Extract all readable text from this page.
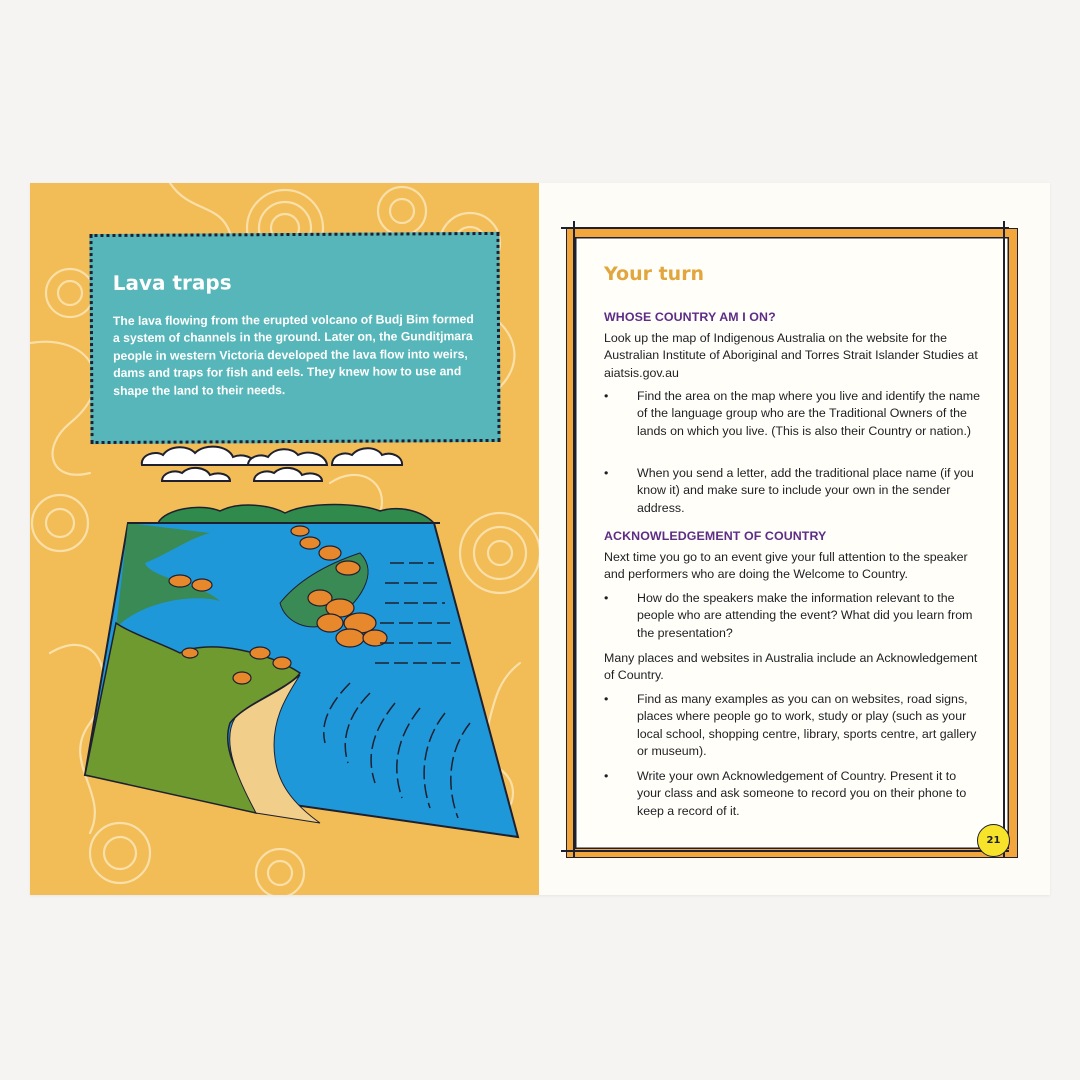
Lava traps

The lava flowing from the erupted volcano of Budj Bim formed a system of channels in the ground. Later on, the Gunditjmara people in western Victoria developed the lava flow into weirs, dams and traps for fish and eels. They knew how to use and shape the land to their needs.

Your turn
WHOSE COUNTRY AM I ON?

Look up the map of Indigenous Australia on the website for the Australian Institute of Aboriginal and Torres Strait Islander Studies at aiatsis.gov.au

• Find the area on the map where you live and identify the name of the language group who are the Traditional Owners of the lands on which you live. (This is also their Country or nation.)
• When you send a letter, add the traditional place name (if you know it) and make sure to include your own in the sender address.
ACKNOWLEDGEMENT OF COUNTRY

Next time you go to an event give your full attention to the speaker and performers who are doing the Welcome to Country.

• How do the speakers make the information relevant to the people who are attending the event? What did you learn from the presentation?

Many places and websites in Australia include an Acknowledgement of Country.

• Find as many examples as you can on websites, road signs, places where people go to work, study or play (such as your local school, shopping centre, library, sports centre, art gallery or museum).
• Write your own Acknowledgement of Country. Present it to your class and ask someone to record you on their phone to keep a record of it.
21
